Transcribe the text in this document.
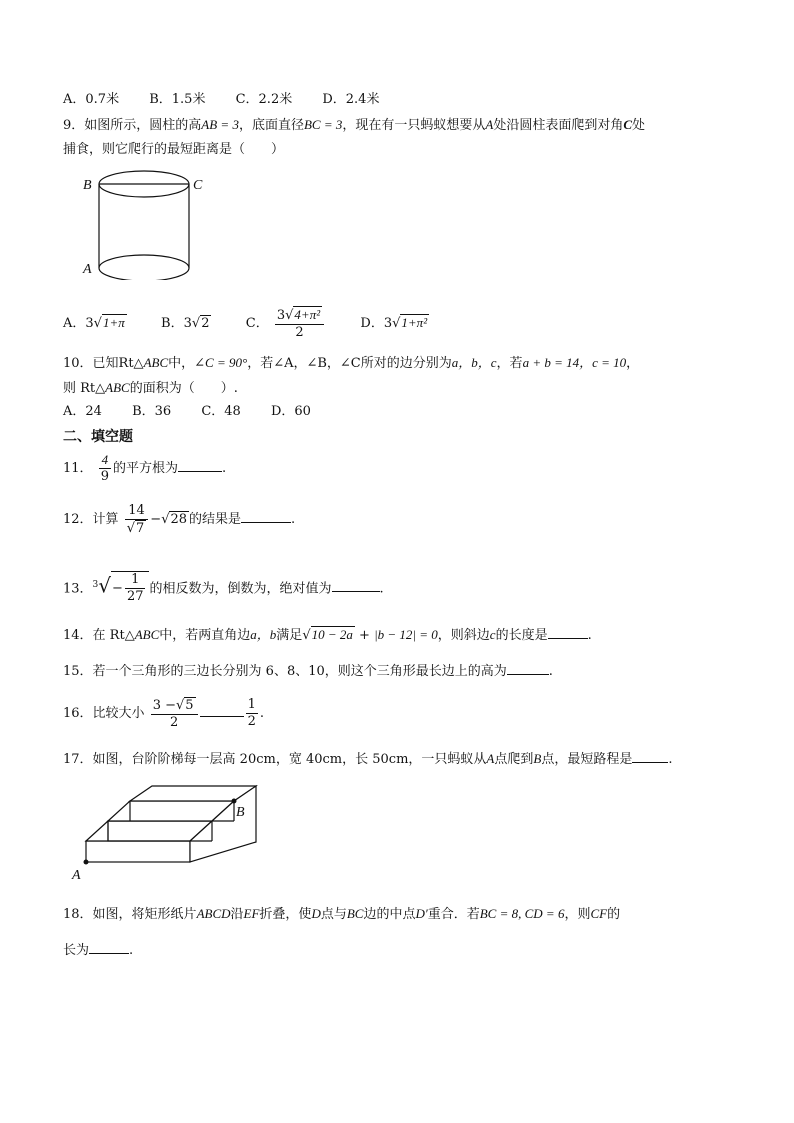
A．0.7米 B．1.5米 C．2.2米 D．2.4米
9．如图所示，圆柱的高AB = 3，底面直径BC = 3，现在有一只蚂蚁想要从A处沿圆柱表面爬到对角C处
捕食，则它爬行的最短距离是（　　）
B	C
A
A．3√1+π	B．3√2	C． $\frac{\text{3√4+π²}}{2}$	D．3√1+π²
10．已知Rt△ABC中，∠C = 90°，若∠A，∠B，∠C所对的边分别为a，b，c，若a + b = 14，c = 10，
则 Rt△ABC的面积为（　　）.
A．24 B．36 C．48 D．60
二、填空题
11． $\frac{4}{9}$ 的平方根为	.
12．计算 $\frac{14}{√7} -√28$ 的结果是	.
13．$^3√- \frac{1}{27}$ 的相反数为，倒数为，绝对值为	.
14．在 Rt△ABC中，若两直角边a，b满足√10 − 2a + |b − 12| = 0，则斜边c的长度是	.
15．若一个三角形的三边长分别为 6、8、10，则这个三角形最长边上的高为	.
16．比较大小 $\frac{3 -√5}{2}$	$\frac{1}{2}$ .
17．如图，台阶阶梯每一层高 20cm，宽 40cm，长 50cm，一只蚂蚁从A点爬到B点，最短路程是	.
A
B
18．如图，将矩形纸片ABCD沿EF折叠，使D点与BC边的中点D′重合．若BC = 8, CD = 6，则CF的
长为	.
